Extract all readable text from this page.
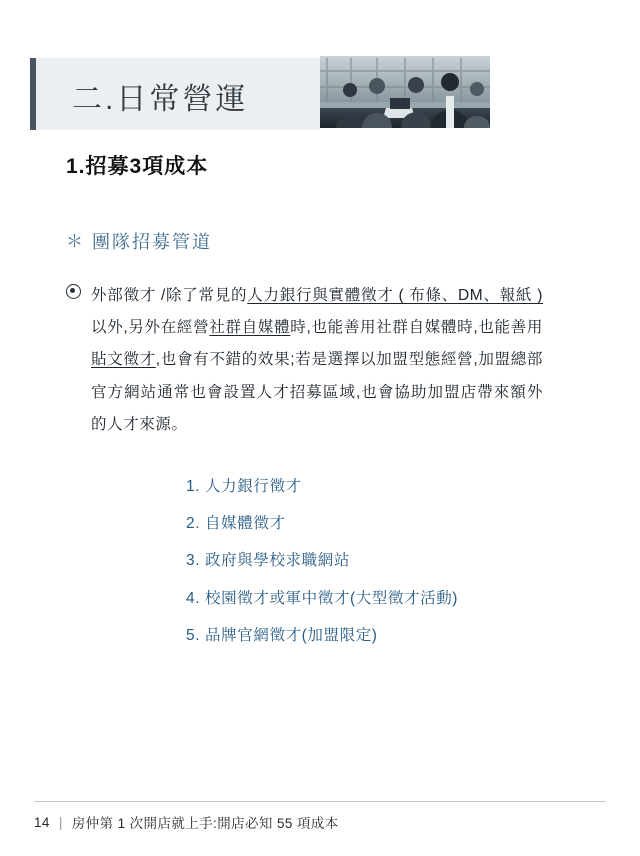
二.日常營運
1.招募3項成本
＊ 團隊招募管道

外部徵才 /除了常見的人力銀行與實體徵才 ( 布條、DM、報紙 )以外,另外在經營社群自媒體時,也能善用社群自媒體時,也能善用貼文徵才,也會有不錯的效果;若是選擇以加盟型態經營,加盟總部官方網站通常也會設置人才招募區域,也會協助加盟店帶來額外的人才來源。

1. 人力銀行徵才
2. 自媒體徵才
3. 政府與學校求職網站
4. 校園徵才或軍中徵才(大型徵才活動)
5. 品牌官網徵才(加盟限定)
14 | 房仲第 1 次開店就上手:開店必知 55 項成本
